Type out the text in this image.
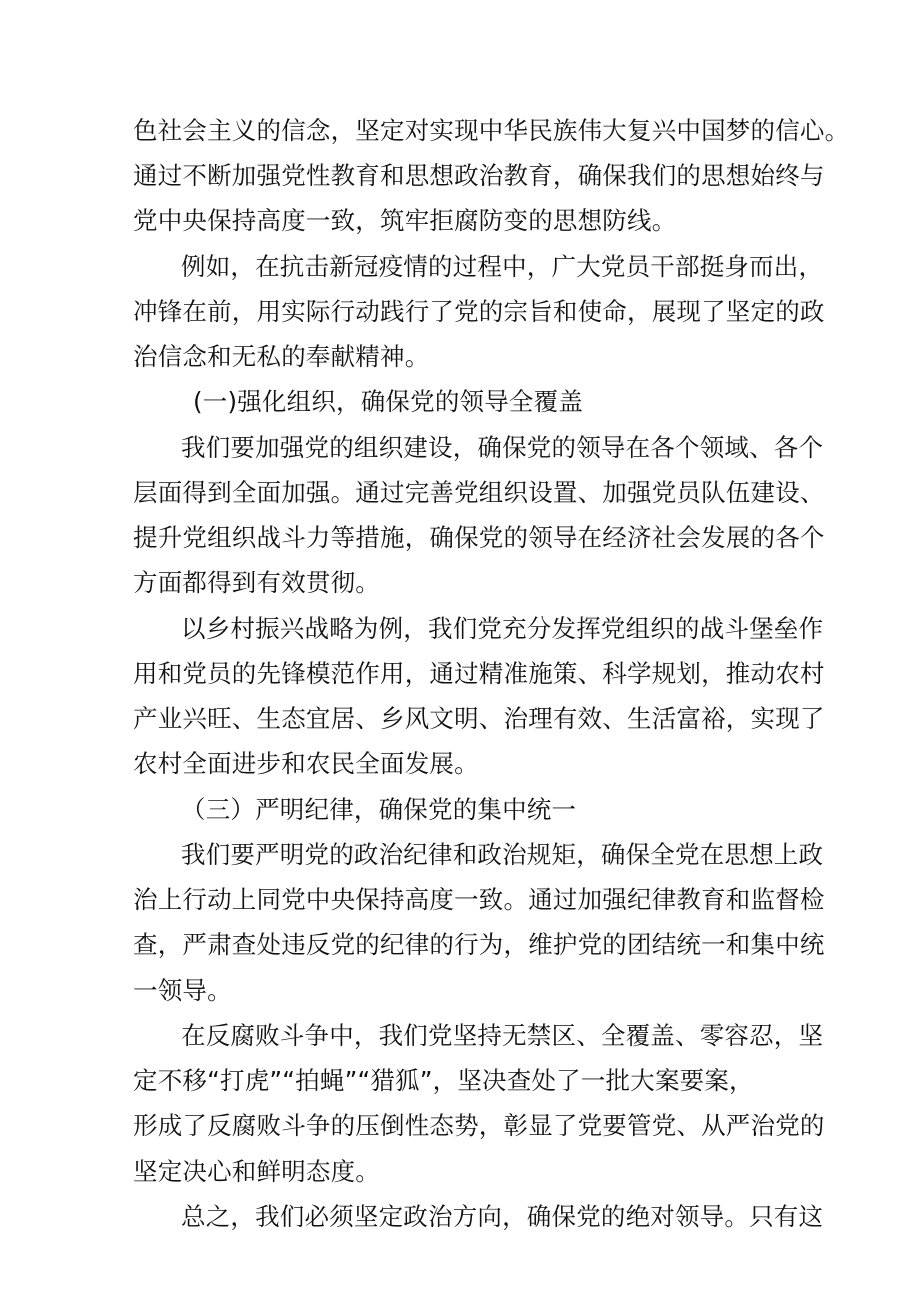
色社会主义的信念，坚定对实现中华民族伟大复兴中国梦的信心。
通过不断加强党性教育和思想政治教育，确保我们的思想始终与
党中央保持高度一致，筑牢拒腐防变的思想防线。
例如，在抗击新冠疫情的过程中，广大党员干部挺身而出，
冲锋在前，用实际行动践行了党的宗旨和使命，展现了坚定的政
治信念和无私的奉献精神。
(一)强化组织，确保党的领导全覆盖
我们要加强党的组织建设，确保党的领导在各个领域、各个
层面得到全面加强。通过完善党组织设置、加强党员队伍建设、
提升党组织战斗力等措施，确保党的领导在经济社会发展的各个
方面都得到有效贯彻。
以乡村振兴战略为例，我们党充分发挥党组织的战斗堡垒作
用和党员的先锋模范作用，通过精准施策、科学规划，推动农村
产业兴旺、生态宜居、乡风文明、治理有效、生活富裕，实现了
农村全面进步和农民全面发展。
（三）严明纪律，确保党的集中统一
我们要严明党的政治纪律和政治规矩，确保全党在思想上政
治上行动上同党中央保持高度一致。通过加强纪律教育和监督检
查，严肃查处违反党的纪律的行为，维护党的团结统一和集中统
一领导。
在反腐败斗争中，我们党坚持无禁区、全覆盖、零容忍，坚
定不移“打虎”“拍蝇”“猎狐”，坚决查处了一批大案要案，
形成了反腐败斗争的压倒性态势，彰显了党要管党、从严治党的
坚定决心和鲜明态度。
总之，我们必须坚定政治方向，确保党的绝对领导。只有这
